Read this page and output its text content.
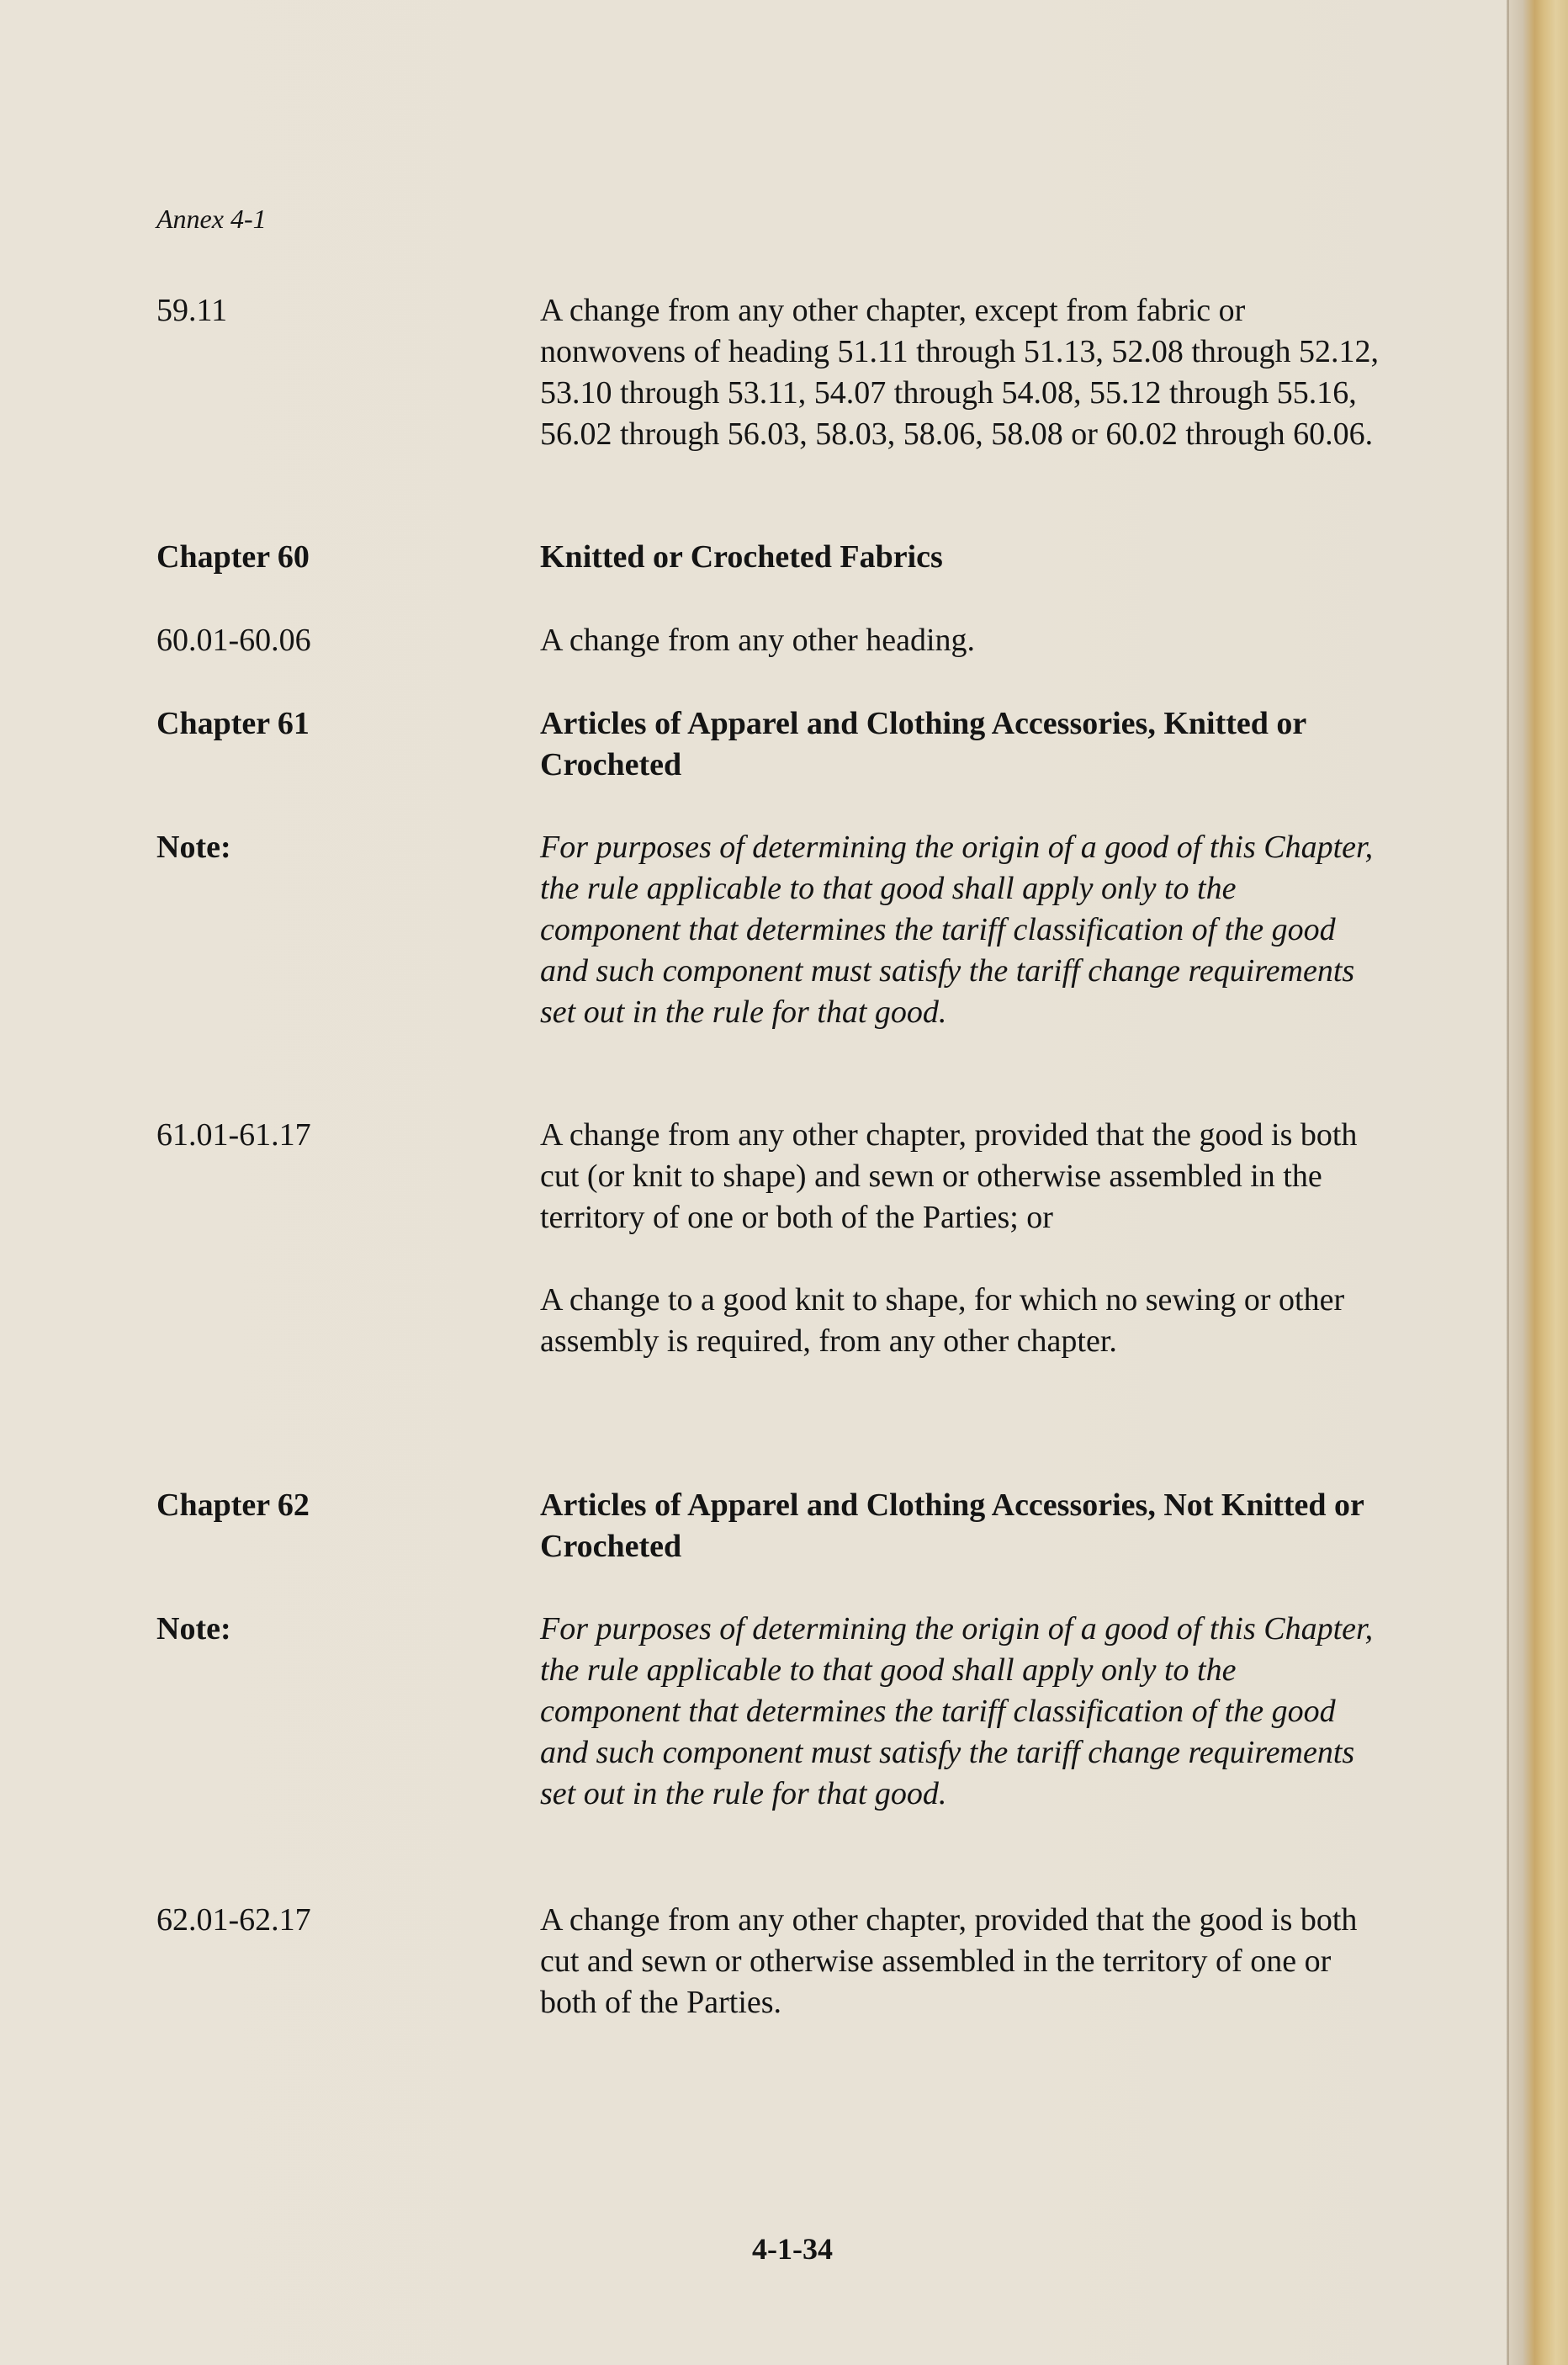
Annex 4-1
59.11	A change from any other chapter, except from fabric or nonwovens of heading 51.11 through 51.13, 52.08 through 52.12, 53.10 through 53.11, 54.07 through 54.08, 55.12 through 55.16, 56.02 through 56.03, 58.03, 58.06, 58.08 or 60.02 through 60.06.

Chapter 60	Knitted or Crocheted Fabrics

60.01-60.06	A change from any other heading.

Chapter 61	Articles of Apparel and Clothing Accessories, Knitted or Crocheted

Note:	For purposes of determining the origin of a good of this Chapter, the rule applicable to that good shall apply only to the component that determines the tariff classification of the good and such component must satisfy the tariff change requirements set out in the rule for that good.

61.01-61.17	A change from any other chapter, provided that the good is both cut (or knit to shape) and sewn or otherwise assembled in the territory of one or both of the Parties; or

A change to a good knit to shape, for which no sewing or other assembly is required, from any other chapter.

Chapter 62	Articles of Apparel and Clothing Accessories, Not Knitted or Crocheted

Note:	For purposes of determining the origin of a good of this Chapter, the rule applicable to that good shall apply only to the component that determines the tariff classification of the good and such component must satisfy the tariff change requirements set out in the rule for that good.

62.01-62.17	A change from any other chapter, provided that the good is both cut and sewn or otherwise assembled in the territory of one or both of the Parties.

4-1-34
